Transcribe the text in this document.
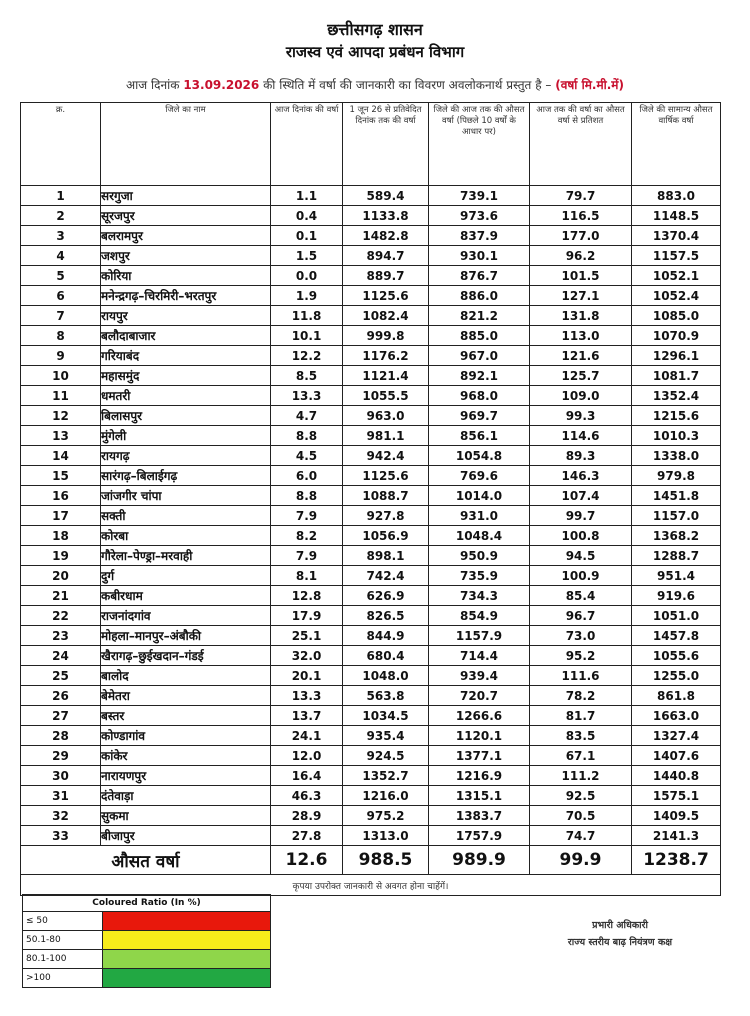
छत्तीसगढ़ शासन
राजस्व एवं आपदा प्रबंधन विभाग
आज दिनांक 13.09.2026 की स्थिति में वर्षा की जानकारी का विवरण अवलोकनार्थ प्रस्तुत है – (वर्षा मि.मी.में)
क्र.	जिले का नाम	आज दिनांक की वर्षा	1 जून 26 से प्रतिवेदित दिनांक तक की वर्षा	जिले की आज तक की औसत वर्षा (पिछले 10 वर्षों के आधार पर)	आज तक की वर्षा का औसत वर्षा से प्रतिशत	जिले की सामान्य औसत वार्षिक वर्षा
1	सरगुजा	1.1	589.4	739.1	79.7	883.0
2	सूरजपुर	0.4	1133.8	973.6	116.5	1148.5
3	बलरामपुर	0.1	1482.8	837.9	177.0	1370.4
4	जशपुर	1.5	894.7	930.1	96.2	1157.5
5	कोरिया	0.0	889.7	876.7	101.5	1052.1
6	मनेन्द्रगढ़–चिरमिरी–भरतपुर	1.9	1125.6	886.0	127.1	1052.4
7	रायपुर	11.8	1082.4	821.2	131.8	1085.0
8	बलौदाबाजार	10.1	999.8	885.0	113.0	1070.9
9	गरियाबंद	12.2	1176.2	967.0	121.6	1296.1
10	महासमुंद	8.5	1121.4	892.1	125.7	1081.7
11	धमतरी	13.3	1055.5	968.0	109.0	1352.4
12	बिलासपुर	4.7	963.0	969.7	99.3	1215.6
13	मुंगेली	8.8	981.1	856.1	114.6	1010.3
14	रायगढ़	4.5	942.4	1054.8	89.3	1338.0
15	सारंगढ़–बिलाईगढ़	6.0	1125.6	769.6	146.3	979.8
16	जांजगीर चांपा	8.8	1088.7	1014.0	107.4	1451.8
17	सक्ती	7.9	927.8	931.0	99.7	1157.0
18	कोरबा	8.2	1056.9	1048.4	100.8	1368.2
19	गौरेला–पेण्ड्रा–मरवाही	7.9	898.1	950.9	94.5	1288.7
20	दुर्ग	8.1	742.4	735.9	100.9	951.4
21	कबीरधाम	12.8	626.9	734.3	85.4	919.6
22	राजनांदगांव	17.9	826.5	854.9	96.7	1051.0
23	मोहला–मानपुर–अंबौकी	25.1	844.9	1157.9	73.0	1457.8
24	खैरागढ़–छुईखदान–गंडई	32.0	680.4	714.4	95.2	1055.6
25	बालोद	20.1	1048.0	939.4	111.6	1255.0
26	बेमेतरा	13.3	563.8	720.7	78.2	861.8
27	बस्तर	13.7	1034.5	1266.6	81.7	1663.0
28	कोण्डागांव	24.1	935.4	1120.1	83.5	1327.4
29	कांकेर	12.0	924.5	1377.1	67.1	1407.6
30	नारायणपुर	16.4	1352.7	1216.9	111.2	1440.8
31	दंतेवाड़ा	46.3	1216.0	1315.1	92.5	1575.1
32	सुकमा	28.9	975.2	1383.7	70.5	1409.5
33	बीजापुर	27.8	1313.0	1757.9	74.7	2141.3
औसत वर्षा		12.6	988.5	989.9	99.9	1238.7
कृपया उपरोक्त जानकारी से अवगत होना चाहेंगें।						
Coloured Ratio (In %)	
≤ 50	
50.1-80	
80.1-100	
>100	
प्रभारी अधिकारी
राज्य स्तरीय बाढ़ नियंत्रण कक्ष
